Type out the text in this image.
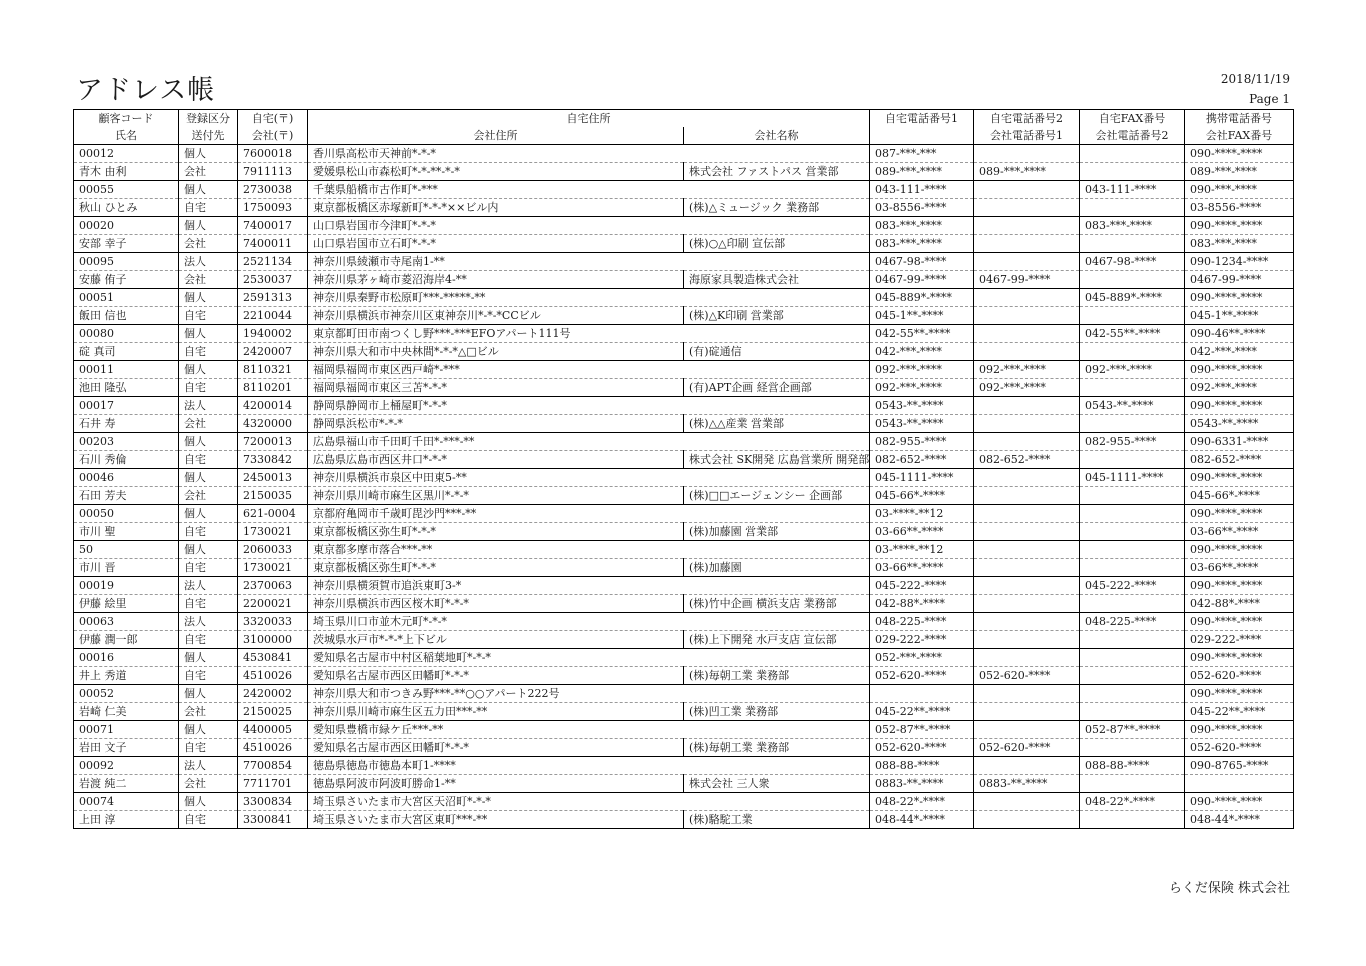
アドレス帳	2018/11/19
Page 1
顧客コード	登録区分	自宅(〒)	自宅住所		自宅電話番号1	自宅電話番号2	自宅FAX番号	携帯電話番号
氏名	送付先	会社(〒)	会社住所	会社名称		会社電話番号1	会社電話番号2	会社FAX番号
00012	個人	7600018	香川県高松市天神前*-*-*		087-***-***			090-****-****
青木 由利	会社	7911113	愛媛県松山市森松町*-*-**-*-*	株式会社 ファストパス 営業部	089-***-****	089-***-****		089-***-****
00055	個人	2730038	千葉県船橋市古作町*-***		043-111-****		043-111-****	090-***-****
秋山 ひとみ	自宅	1750093	東京都板橋区赤塚新町*-*-*××ビル内	(株)△ミュージック 業務部	03-8556-****			03-8556-****
00020	個人	7400017	山口県岩国市今津町*-*-*		083-***-****		083-***-****	090-****-****
安部 幸子	会社	7400011	山口県岩国市立石町*-*-*	(株)○△印刷 宣伝部	083-***-****			083-***-****
00095	法人	2521134	神奈川県綾瀬市寺尾南1-**		0467-98-****		0467-98-****	090-1234-****
安藤 侑子	会社	2530037	神奈川県茅ヶ崎市菱沼海岸4-**	海原家具製造株式会社	0467-99-****	0467-99-****		0467-99-****
00051	個人	2591313	神奈川県秦野市松原町***-*****-**		045-889*-****		045-889*-****	090-****-****
飯田 信也	自宅	2210044	神奈川県横浜市神奈川区東神奈川*-*-*CCビル	(株)△K印刷 営業部	045-1**-****			045-1**-****
00080	個人	1940002	東京都町田市南つくし野***-***EFOアパート111号		042-55**-****		042-55**-****	090-46**-****
碇 真司	自宅	2420007	神奈川県大和市中央林間*-*-*△□ビル	(有)碇通信	042-***-****			042-***-****
00011	個人	8110321	福岡県福岡市東区西戸崎*-***		092-***-****	092-***-****	092-***-****	090-****-****
池田 隆弘	自宅	8110201	福岡県福岡市東区三苫*-*-*	(有)APT企画 経営企画部	092-***-****	092-***-****		092-***-****
00017	法人	4200014	静岡県静岡市上桶屋町*-*-*		0543-**-****		0543-**-****	090-****-****
石井 寿	会社	4320000	静岡県浜松市*-*-*	(株)△△産業 営業部	0543-**-****			0543-**-****
00203	個人	7200013	広島県福山市千田町千田*-***-**		082-955-****		082-955-****	090-6331-****
石川 秀倫	自宅	7330842	広島県広島市西区井口*-*-*	株式会社 SK開発 広島営業所 開発部	082-652-****	082-652-****		082-652-****
00046	個人	2450013	神奈川県横浜市泉区中田東5-**		045-1111-****		045-1111-****	090-****-****
石田 芳夫	会社	2150035	神奈川県川崎市麻生区黒川*-*-*	(株)□□エージェンシー 企画部	045-66*-****			045-66*-****
00050	個人	621-0004	京都府亀岡市千歳町毘沙門***-**		03-****-**12			090-****-****
市川 聖	自宅	1730021	東京都板橋区弥生町*-*-*	(株)加藤園 営業部	03-66**-****			03-66**-****
50	個人	2060033	東京都多摩市落合***-**		03-****-**12			090-****-****
市川 晋	自宅	1730021	東京都板橋区弥生町*-*-*	(株)加藤園	03-66**-****			03-66**-****
00019	法人	2370063	神奈川県横須賀市追浜東町3-*		045-222-****		045-222-****	090-****-****
伊藤 絵里	自宅	2200021	神奈川県横浜市西区桜木町*-*-*	(株)竹中企画 横浜支店 業務部	042-88*-****			042-88*-****
00063	法人	3320033	埼玉県川口市並木元町*-*-*		048-225-****		048-225-****	090-****-****
伊藤 潤一郎	自宅	3100000	茨城県水戸市*-*-*上下ビル	(株)上下開発 水戸支店 宣伝部	029-222-****			029-222-****
00016	個人	4530841	愛知県名古屋市中村区稲葉地町*-*-*		052-***-****			090-****-****
井上 秀道	自宅	4510026	愛知県名古屋市西区田幡町*-*-*	(株)毎朝工業 業務部	052-620-****	052-620-****		052-620-****
00052	個人	2420002	神奈川県大和市つきみ野***-**○○アパート222号					090-****-****
岩崎 仁美	会社	2150025	神奈川県川崎市麻生区五力田***-**	(株)凹工業 業務部	045-22**-****			045-22**-****
00071	個人	4400005	愛知県豊橋市緑ケ丘***-**		052-87**-****		052-87**-****	090-****-****
岩田 文子	自宅	4510026	愛知県名古屋市西区田幡町*-*-*	(株)毎朝工業 業務部	052-620-****	052-620-****		052-620-****
00092	法人	7700854	徳島県徳島市徳島本町1-****		088-88-****		088-88-****	090-8765-****
岩渡 純二	会社	7711701	徳島県阿波市阿波町勝命1-**	株式会社 三人衆	0883-**-****	0883-**-****		
00074	個人	3300834	埼玉県さいたま市大宮区天沼町*-*-*		048-22*-****		048-22*-****	090-****-****
上田 淳	自宅	3300841	埼玉県さいたま市大宮区東町***-**	(株)駱駝工業	048-44*-****			048-44*-****
らくだ保険 株式会社
